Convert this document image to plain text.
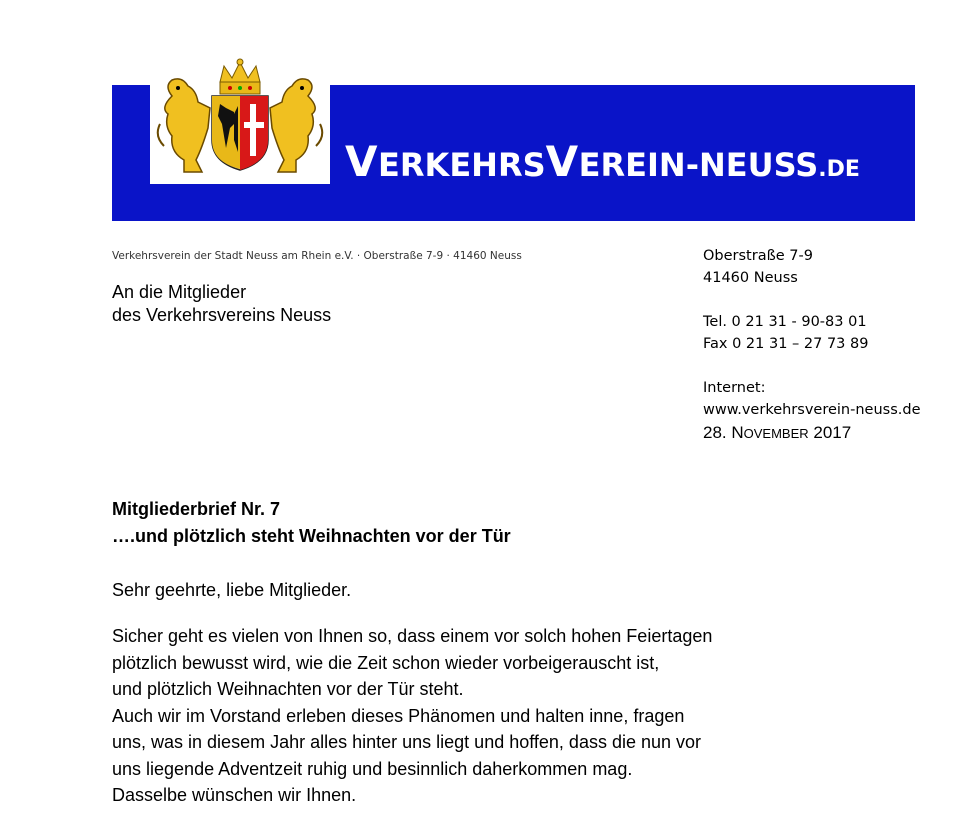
VERKEHRSVEREIN-NEUSS.DE
Verkehrsverein der Stadt Neuss am Rhein e.V. · Oberstraße 7-9 · 41460 Neuss
An die Mitglieder
des Verkehrsvereins Neuss
Oberstraße 7-9
41460 Neuss
Tel. 0 21 31 - 90-83 01
Fax 0 21 31 – 27 73 89
Internet:
www.verkehrsverein-neuss.de
28. NOVEMBER 2017
Mitgliederbrief Nr. 7
….und plötzlich steht Weihnachten vor der Tür
Sehr geehrte, liebe Mitglieder.
Sicher geht es vielen von Ihnen so, dass einem vor solch hohen Feiertagen
plötzlich bewusst wird, wie die Zeit schon wieder vorbeigerauscht ist,
und plötzlich Weihnachten vor der Tür steht.
Auch wir im Vorstand erleben dieses Phänomen und halten inne, fragen
uns, was in diesem Jahr alles hinter uns liegt und hoffen, dass die nun vor
uns liegende Adventzeit ruhig und besinnlich daherkommen mag.
Dasselbe wünschen wir Ihnen.
